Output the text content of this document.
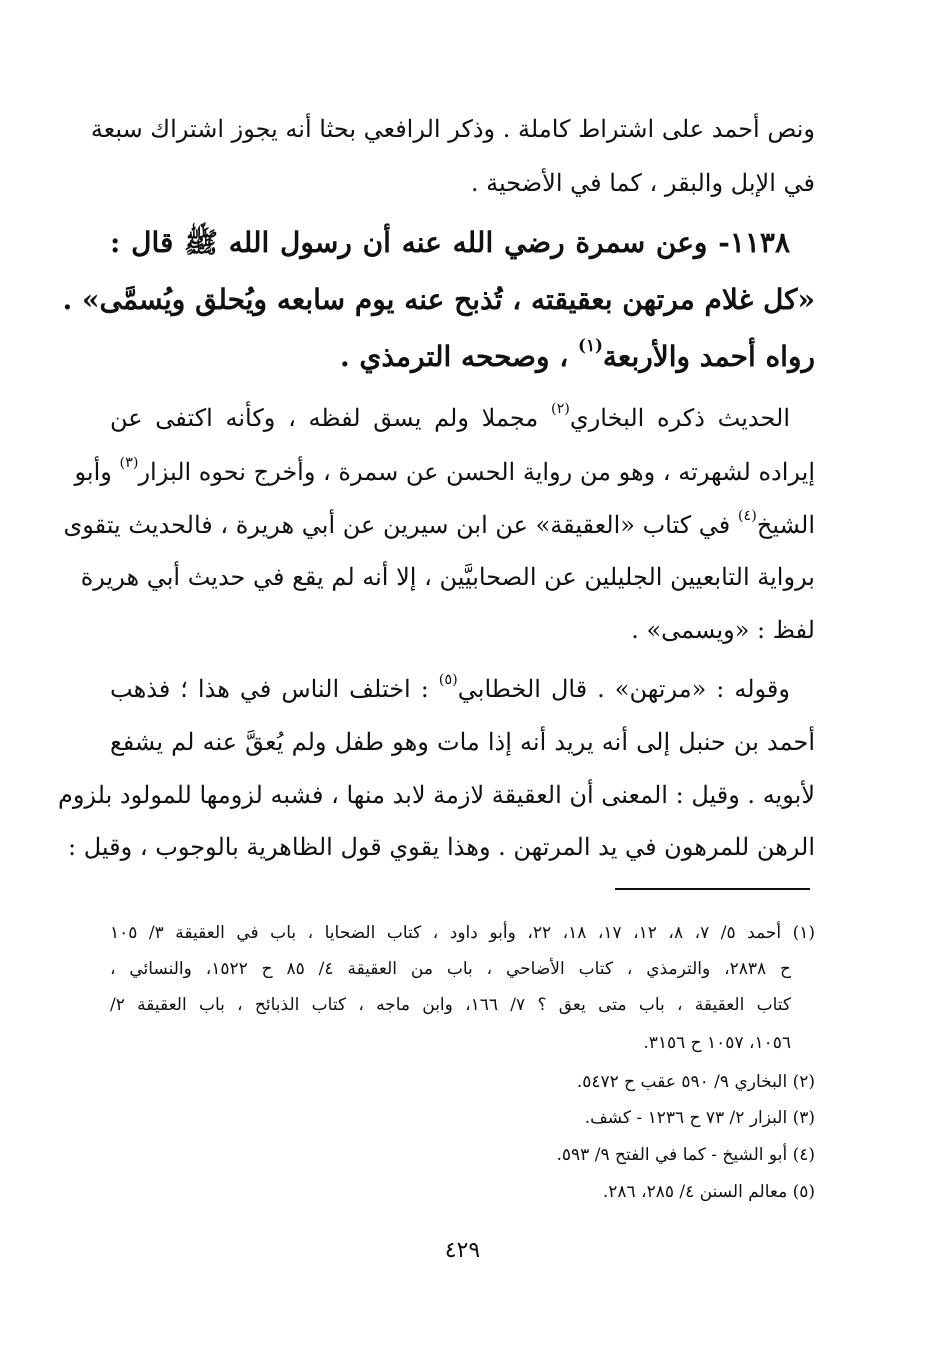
ونص أحمد على اشتراط كاملة . وذكر الرافعي بحثا أنه يجوز اشتراك سبعة
في الإبل والبقر ، كما في الأضحية .
١١٣٨- وعن سمرة رضي الله عنه أن رسول الله ﷺ قال :
«كل غلام مرتهن بعقيقته ، تُذبح عنه يوم سابعه ويُحلق ويُسمَّى» .
رواه أحمد والأربعة$^{(١)}$ ، وصححه الترمذي .
الحديث ذكره البخاري$^{(٢)}$ مجملا ولم يسق لفظه ، وكأنه اكتفى عن
إيراده لشهرته ، وهو من رواية الحسن عن سمرة ، وأخرج نحوه البزار$^{(٣)}$ وأبو
الشيخ$^{(٤)}$ في كتاب «العقيقة» عن ابن سيرين عن أبي هريرة ، فالحديث يتقوى
برواية التابعيين الجليلين عن الصحابيَّين ، إلا أنه لم يقع في حديث أبي هريرة
لفظ : «ويسمى» .
وقوله : «مرتهن» . قال الخطابي$^{(٥)}$ : اختلف الناس في هذا ؛ فذهب
أحمد بن حنبل إلى أنه يريد أنه إذا مات وهو طفل ولم يُعقَّ عنه لم يشفع
لأبويه . وقيل : المعنى أن العقيقة لازمة لابد منها ، فشبه لزومها للمولود بلزوم
الرهن للمرهون في يد المرتهن . وهذا يقوي قول الظاهرية بالوجوب ، وقيل :
(١) أحمد ٥/ ٧، ٨، ١٢، ١٧، ١٨، ٢٢، وأبو داود ، كتاب الضحايا ، باب في العقيقة ٣/ ١٠٥
ح ٢٨٣٨، والترمذي ، كتاب الأضاحي ، باب من العقيقة ٤/ ٨٥ ح ١٥٢٢، والنسائي ،
كتاب العقيقة ، باب متى يعق ؟ ٧/ ١٦٦، وابن ماجه ، كتاب الذبائح ، باب العقيقة ٢/
١٠٥٦، ١٠٥٧ ح ٣١٥٦.
(٢) البخاري ٩/ ٥٩٠ عقب ح ٥٤٧٢.
(٣) البزار ٢/ ٧٣ ح ١٢٣٦ - كشف.
(٤) أبو الشيخ - كما في الفتح ٩/ ٥٩٣.
(٥) معالم السنن ٤/ ٢٨٥، ٢٨٦.
٤٢٩
